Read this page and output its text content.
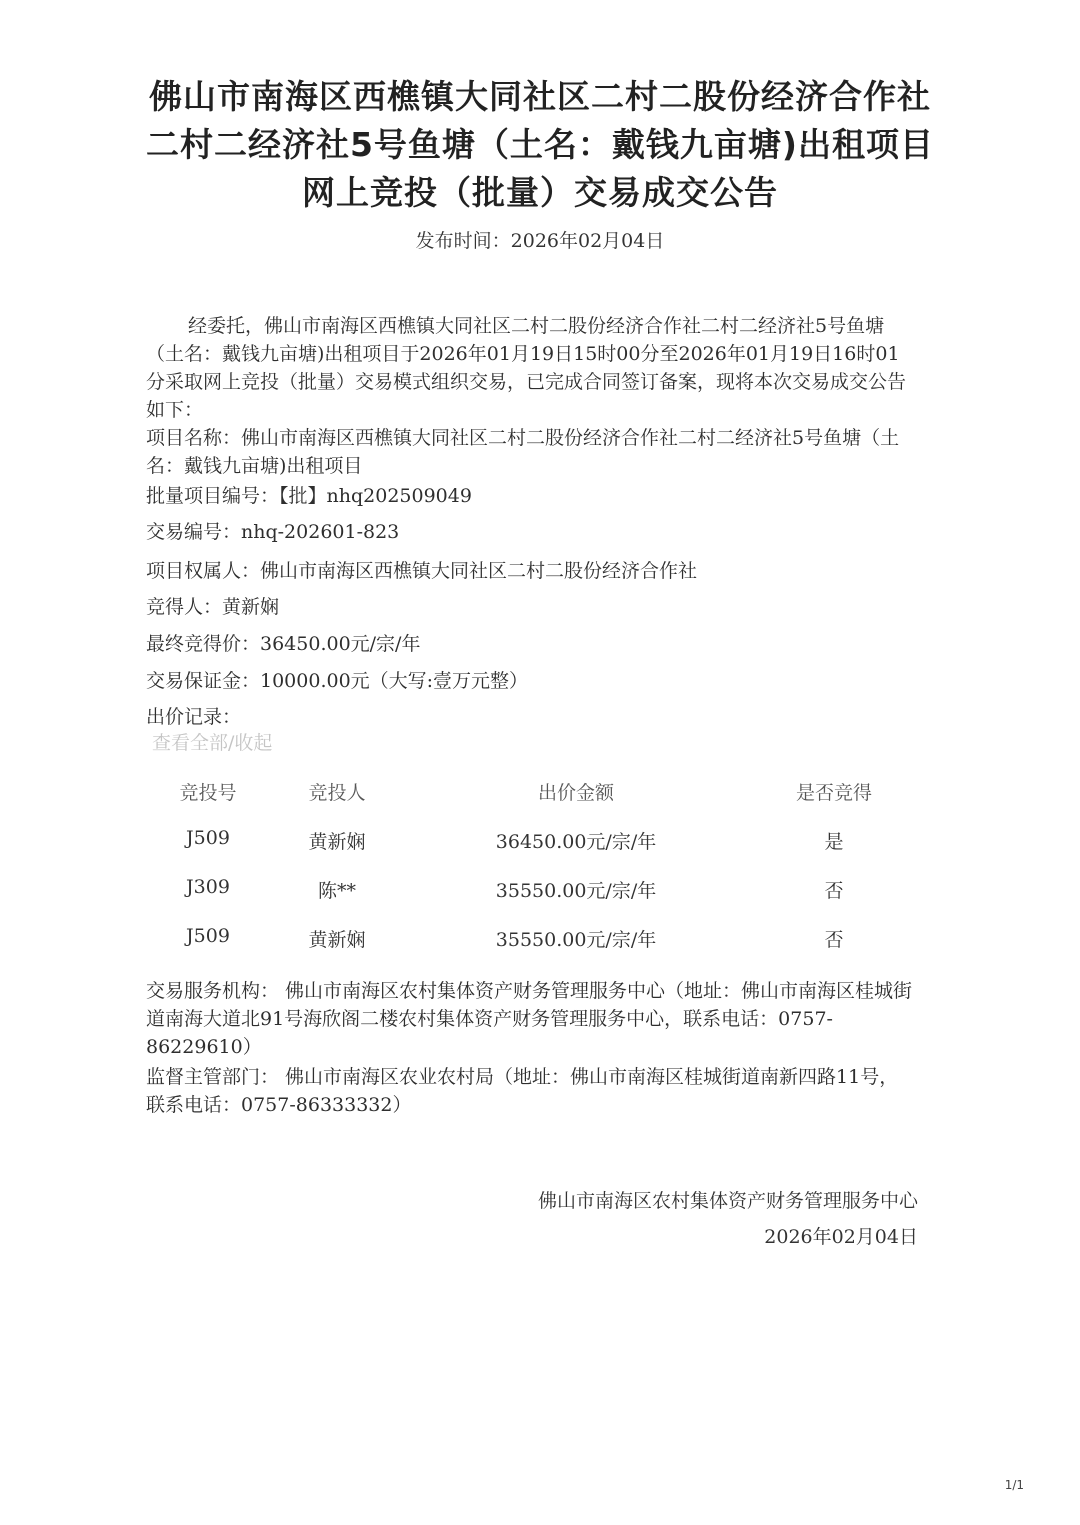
佛山市南海区西樵镇大同社区二村二股份经济合作社
二村二经济社5号鱼塘（土名：戴钱九亩塘)出租项目
网上竞投（批量）交易成交公告
发布时间：2026年02月04日
经委托，佛山市南海区西樵镇大同社区二村二股份经济合作社二村二经济社5号鱼塘（土名：戴钱九亩塘)出租项目于2026年01月19日15时00分至2026年01月19日16时01分采取网上竞投（批量）交易模式组织交易，已完成合同签订备案，现将本次交易成交公告如下：
项目名称：佛山市南海区西樵镇大同社区二村二股份经济合作社二村二经济社5号鱼塘（土名：戴钱九亩塘)出租项目
批量项目编号：【批】nhq202509049
交易编号：nhq-202601-823
项目权属人：佛山市南海区西樵镇大同社区二村二股份经济合作社
竞得人：黄新娴
最终竞得价：36450.00元/宗/年
交易保证金：10000.00元（大写:壹万元整）
出价记录：
查看全部/收起
竞投号	竞投人	出价金额	是否竞得
J509	黄新娴	36450.00元/宗/年	是
J309	陈**	35550.00元/宗/年	否
J509	黄新娴	35550.00元/宗/年	否
交易服务机构： 佛山市南海区农村集体资产财务管理服务中心（地址：佛山市南海区桂城街道南海大道北91号海欣阁二楼农村集体资产财务管理服务中心，联系电话：0757-86229610）
监督主管部门： 佛山市南海区农业农村局（地址：佛山市南海区桂城街道南新四路11号，联系电话：0757-86333332）
佛山市南海区农村集体资产财务管理服务中心
2026年02月04日
1/1
